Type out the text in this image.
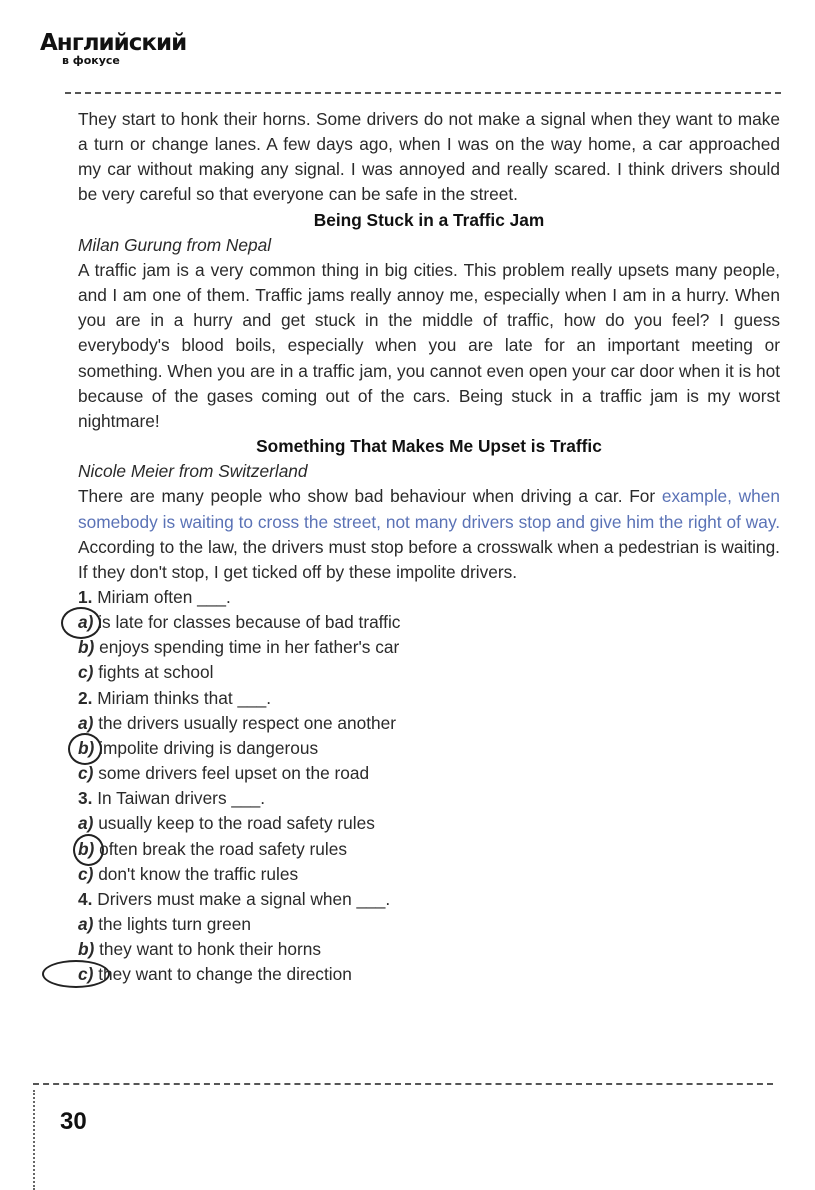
Английский
в фокусе

They start to honk their horns. Some drivers do not make a signal when they want to make a turn or change lanes. A few days ago, when I was on the way home, a car approached my car without making any signal. I was annoyed and really scared. I think drivers should be very careful so that everyone can be safe in the street.

Being Stuck in a Traffic Jam
Milan Gurung from Nepal

A traffic jam is a very common thing in big cities. This problem really upsets many people, and I am one of them. Traffic jams really annoy me, especially when I am in a hurry. When you are in a hurry and get stuck in the middle of traffic, how do you feel? I guess everybody's blood boils, especially when you are late for an important meeting or something. When you are in a traffic jam, you cannot even open your car door when it is hot because of the gases coming out of the cars. Being stuck in a traffic jam is my worst nightmare!

Something That Makes Me Upset is Traffic
Nicole Meier from Switzerland

There are many people who show bad behaviour when driving a car. For example, when somebody is waiting to cross the street, not many drivers stop and give him the right of way. According to the law, the drivers must stop before a crosswalk when a pedestrian is waiting. If they don't stop, I get ticked off by these impolite drivers.

1. Miriam often ___.
a) is late for classes because of bad traffic
b) enjoys spending time in her father's car
c) fights at school
2. Miriam thinks that ___.
a) the drivers usually respect one another
b) impolite driving is dangerous
c) some drivers feel upset on the road
3. In Taiwan drivers ___.
a) usually keep to the road safety rules
b) often break the road safety rules
c) don't know the traffic rules
4. Drivers must make a signal when ___.
a) the lights turn green
b) they want to honk their horns
c) they want to change the direction
30
